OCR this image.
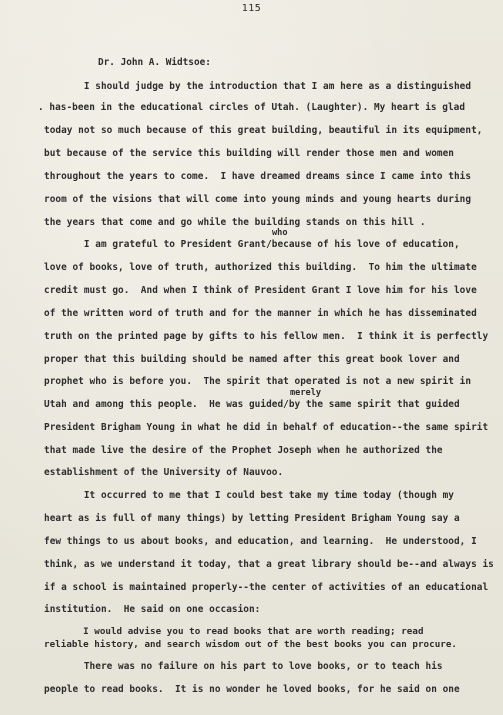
115
Dr. John A. Widtsoe:
I should judge by the introduction that I am here as a distinguished
. has-been in the educational circles of Utah. (Laughter). My heart is glad
today not so much because of this great building, beautiful in its equipment,
but because of the service this building will render those men and women
throughout the years to come.  I have dreamed dreams since I came into this
room of the visions that will come into young minds and young hearts during
the years that come and go while the building stands on this hill .
who
I am grateful to President Grant/because of his love of education,
love of books, love of truth, authorized this building.  To him the ultimate
credit must go.  And when I think of President Grant I love him for his love
of the written word of truth and for the manner in which he has disseminated
truth on the printed page by gifts to his fellow men.  I think it is perfectly
proper that this building should be named after this great book lover and
prophet who is before you.  The spirit that operated is not a new spirit in
merely
Utah and among this people.  He was guided/by the same spirit that guided
President Brigham Young in what he did in behalf of education--the same spirit
that made live the desire of the Prophet Joseph when he authorized the
establishment of the University of Nauvoo.
It occurred to me that I could best take my time today (though my
heart as is full of many things) by letting President Brigham Young say a
few things to us about books, and education, and learning.  He understood, I
think, as we understand it today, that a great library should be--and always is
if a school is maintained properly--the center of activities of an educational
institution.  He said on one occasion:
I would advise you to read books that are worth reading; read
reliable history, and search wisdom out of the best books you can procure.
There was no failure on his part to love books, or to teach his
people to read books.  It is no wonder he loved books, for he said on one
